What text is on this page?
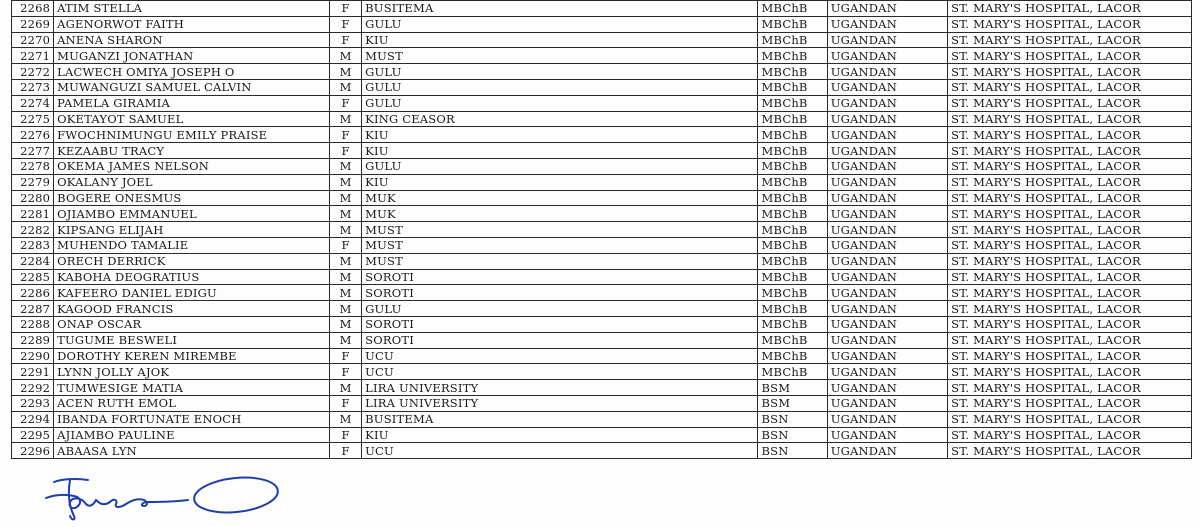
2268	ATIM STELLA	F	BUSITEMA	MBChB	UGANDAN	ST. MARY'S HOSPITAL, LACOR
2269	AGENORWOT FAITH	F	GULU	MBChB	UGANDAN	ST. MARY'S HOSPITAL, LACOR
2270	ANENA SHARON	F	KIU	MBChB	UGANDAN	ST. MARY'S HOSPITAL, LACOR
2271	MUGANZI JONATHAN	M	MUST	MBChB	UGANDAN	ST. MARY'S HOSPITAL, LACOR
2272	LACWECH OMIYA JOSEPH O	M	GULU	MBChB	UGANDAN	ST. MARY'S HOSPITAL, LACOR
2273	MUWANGUZI SAMUEL CALVIN	M	GULU	MBChB	UGANDAN	ST. MARY'S HOSPITAL, LACOR
2274	PAMELA GIRAMIA	F	GULU	MBChB	UGANDAN	ST. MARY'S HOSPITAL, LACOR
2275	OKETAYOT SAMUEL	M	KING CEASOR	MBChB	UGANDAN	ST. MARY'S HOSPITAL, LACOR
2276	FWOCHNIMUNGU EMILY PRAISE	F	KIU	MBChB	UGANDAN	ST. MARY'S HOSPITAL, LACOR
2277	KEZAABU TRACY	F	KIU	MBChB	UGANDAN	ST. MARY'S HOSPITAL, LACOR
2278	OKEMA JAMES NELSON	M	GULU	MBChB	UGANDAN	ST. MARY'S HOSPITAL, LACOR
2279	OKALANY JOEL	M	KIU	MBChB	UGANDAN	ST. MARY'S HOSPITAL, LACOR
2280	BOGERE ONESMUS	M	MUK	MBChB	UGANDAN	ST. MARY'S HOSPITAL, LACOR
2281	OJIAMBO EMMANUEL	M	MUK	MBChB	UGANDAN	ST. MARY'S HOSPITAL, LACOR
2282	KIPSANG ELIJAH	M	MUST	MBChB	UGANDAN	ST. MARY'S HOSPITAL, LACOR
2283	MUHENDO TAMALIE	F	MUST	MBChB	UGANDAN	ST. MARY'S HOSPITAL, LACOR
2284	ORECH DERRICK	M	MUST	MBChB	UGANDAN	ST. MARY'S HOSPITAL, LACOR
2285	KABOHA DEOGRATIUS	M	SOROTI	MBChB	UGANDAN	ST. MARY'S HOSPITAL, LACOR
2286	KAFEERO DANIEL EDIGU	M	SOROTI	MBChB	UGANDAN	ST. MARY'S HOSPITAL, LACOR
2287	KAGOOD FRANCIS	M	GULU	MBChB	UGANDAN	ST. MARY'S HOSPITAL, LACOR
2288	ONAP OSCAR	M	SOROTI	MBChB	UGANDAN	ST. MARY'S HOSPITAL, LACOR
2289	TUGUME BESWELI	M	SOROTI	MBChB	UGANDAN	ST. MARY'S HOSPITAL, LACOR
2290	DOROTHY KEREN MIREMBE	F	UCU	MBChB	UGANDAN	ST. MARY'S HOSPITAL, LACOR
2291	LYNN JOLLY AJOK	F	UCU	MBChB	UGANDAN	ST. MARY'S HOSPITAL, LACOR
2292	TUMWESIGE MATIA	M	LIRA UNIVERSITY	BSM	UGANDAN	ST. MARY'S HOSPITAL, LACOR
2293	ACEN RUTH EMOL	F	LIRA UNIVERSITY	BSM	UGANDAN	ST. MARY'S HOSPITAL, LACOR
2294	IBANDA FORTUNATE ENOCH	M	BUSITEMA	BSN	UGANDAN	ST. MARY'S HOSPITAL, LACOR
2295	AJIAMBO PAULINE	F	KIU	BSN	UGANDAN	ST. MARY'S HOSPITAL, LACOR
2296	ABAASA LYN	F	UCU	BSN	UGANDAN	ST. MARY'S HOSPITAL, LACOR
